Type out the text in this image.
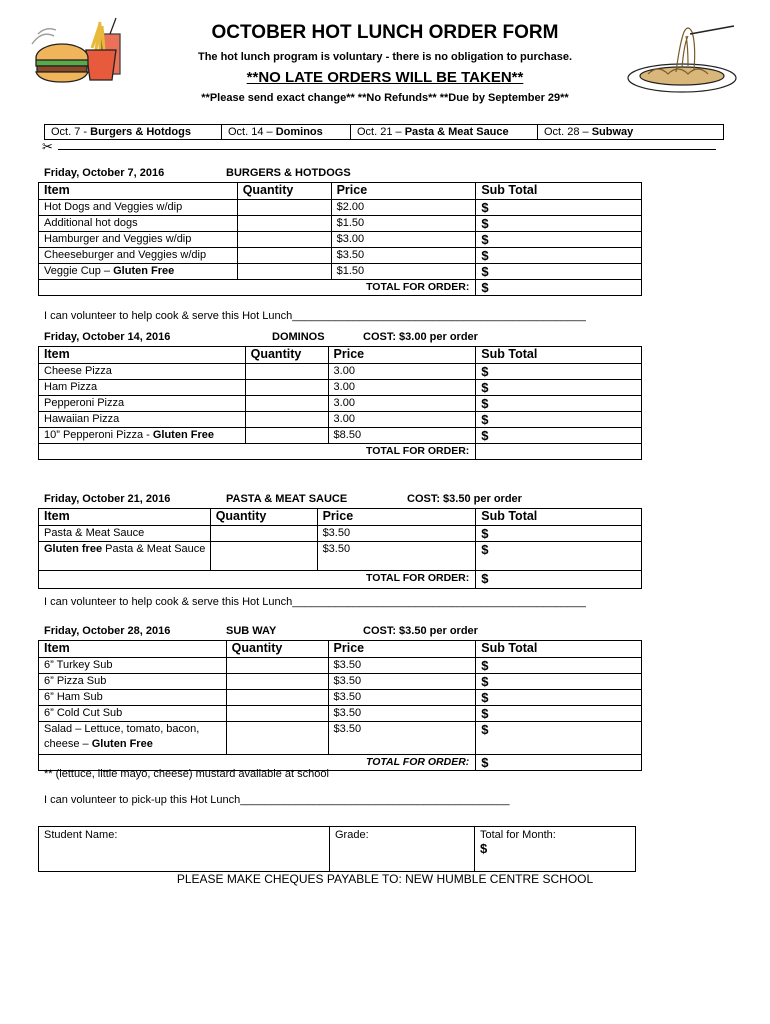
OCTOBER HOT LUNCH ORDER FORM
The hot lunch program is voluntary - there is no obligation to purchase.
**NO LATE ORDERS WILL BE TAKEN**
**Please send exact change** **No Refunds** **Due by September 29**
Oct. 7 - Burgers & Hotdogs	Oct. 14 – Dominos	Oct. 21 – Pasta & Meat Sauce	Oct. 28 – Subway
✂
Friday, October 7, 2016	BURGERS & HOTDOGS
Item	Quantity	Price	Sub Total
Hot Dogs and Veggies w/dip		$2.00	$
Additional hot dogs		$1.50	$
Hamburger and Veggies w/dip		$3.00	$
Cheeseburger and Veggies w/dip		$3.50	$
Veggie Cup – Gluten Free		$1.50	$
TOTAL FOR ORDER:			$
I can volunteer to help cook & serve this Hot Lunch________________________________________________
Friday, October 14, 2016	DOMINOS	COST: $3.00 per order
Item	Quantity	Price	Sub Total
Cheese Pizza		3.00	$
Ham Pizza		3.00	$
Pepperoni Pizza		3.00	$
Hawaiian Pizza		3.00	$
10” Pepperoni Pizza - Gluten Free		$8.50	$
TOTAL FOR ORDER:			
Friday, October 21, 2016	PASTA & MEAT SAUCE	COST: $3.50 per order
Item	Quantity	Price	Sub Total
Pasta & Meat Sauce		$3.50	$
Gluten free Pasta & Meat Sauce		$3.50	$
TOTAL FOR ORDER:			$
I can volunteer to help cook & serve this Hot Lunch________________________________________________
Friday, October 28, 2016	SUB WAY	COST: $3.50 per order
Item	Quantity	Price	Sub Total
6” Turkey Sub		$3.50	$
6” Pizza Sub		$3.50	$
6” Ham Sub		$3.50	$
6” Cold Cut Sub		$3.50	$
Salad – Lettuce, tomato, bacon, cheese – Gluten Free		$3.50	$
TOTAL FOR ORDER:			$
** (lettuce, little mayo, cheese) mustard available at school
I can volunteer to pick-up this Hot Lunch____________________________________________
Student Name:	Grade:	Total for Month:
$
PLEASE MAKE CHEQUES PAYABLE TO: NEW HUMBLE CENTRE SCHOOL
